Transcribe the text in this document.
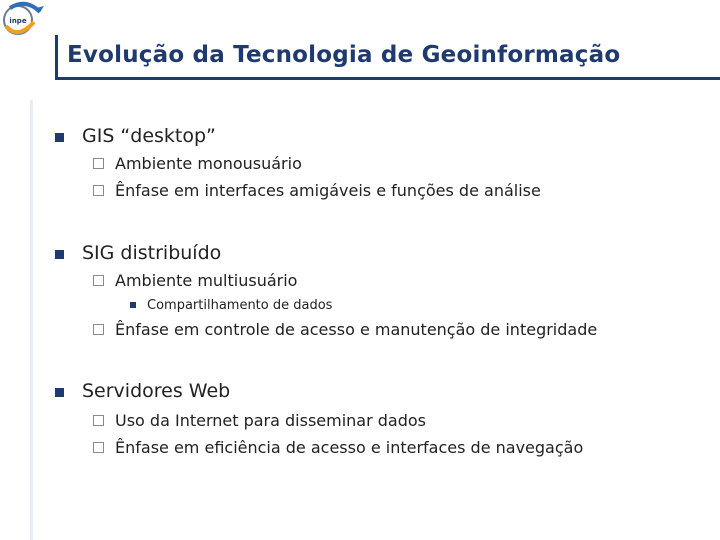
inpe
Evolução da Tecnologia de Geoinformação
GIS “desktop”
Ambiente monousuário
Ênfase em interfaces amigáveis e funções de análise
SIG distribuído
Ambiente multiusuário
Compartilhamento de dados
Ênfase em controle de acesso e manutenção de integridade
Servidores Web
Uso da Internet para disseminar dados
Ênfase em eficiência de acesso e interfaces de navegação
